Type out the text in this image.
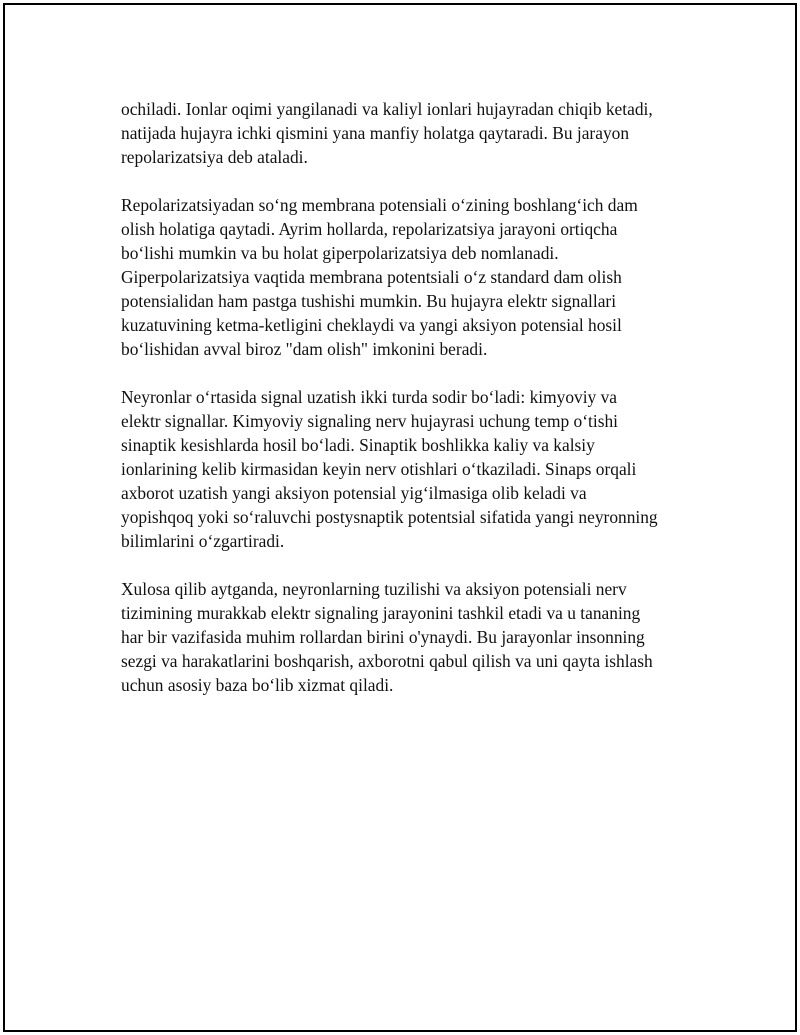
ochiladi. Ionlar oqimi yangilanadi va kaliyl ionlari hujayradan chiqib ketadi,
natijada hujayra ichki qismini yana manfiy holatga qaytaradi. Bu jarayon
repolarizatsiya deb ataladi.

Repolarizatsiyadan so‘ng membrana potensiali o‘zining boshlang‘ich dam
olish holatiga qaytadi. Ayrim hollarda, repolarizatsiya jarayoni ortiqcha
bo‘lishi mumkin va bu holat giperpolarizatsiya deb nomlanadi.
Giperpolarizatsiya vaqtida membrana potentsiali o‘z standard dam olish
potensialidan ham pastga tushishi mumkin. Bu hujayra elektr signallari
kuzatuvining ketma-ketligini cheklaydi va yangi aksiyon potensial hosil
bo‘lishidan avval biroz "dam olish" imkonini beradi.

Neyronlar o‘rtasida signal uzatish ikki turda sodir bo‘ladi: kimyoviy va
elektr signallar. Kimyoviy signaling nerv hujayrasi uchung temp o‘tishi
sinaptik kesishlarda hosil bo‘ladi. Sinaptik boshlikka kaliy va kalsiy
ionlarining kelib kirmasidan keyin nerv otishlari o‘tkaziladi. Sinaps orqali
axborot uzatish yangi aksiyon potensial yig‘ilmasiga olib keladi va
yopishqoq yoki so‘raluvchi postysnaptik potentsial sifatida yangi neyronning
bilimlarini o‘zgartiradi.

Xulosa qilib aytganda, neyronlarning tuzilishi va aksiyon potensiali nerv
tizimining murakkab elektr signaling jarayonini tashkil etadi va u tananing
har bir vazifasida muhim rollardan birini o'ynaydi. Bu jarayonlar insonning
sezgi va harakatlarini boshqarish, axborotni qabul qilish va uni qayta ishlash
uchun asosiy baza bo‘lib xizmat qiladi.
